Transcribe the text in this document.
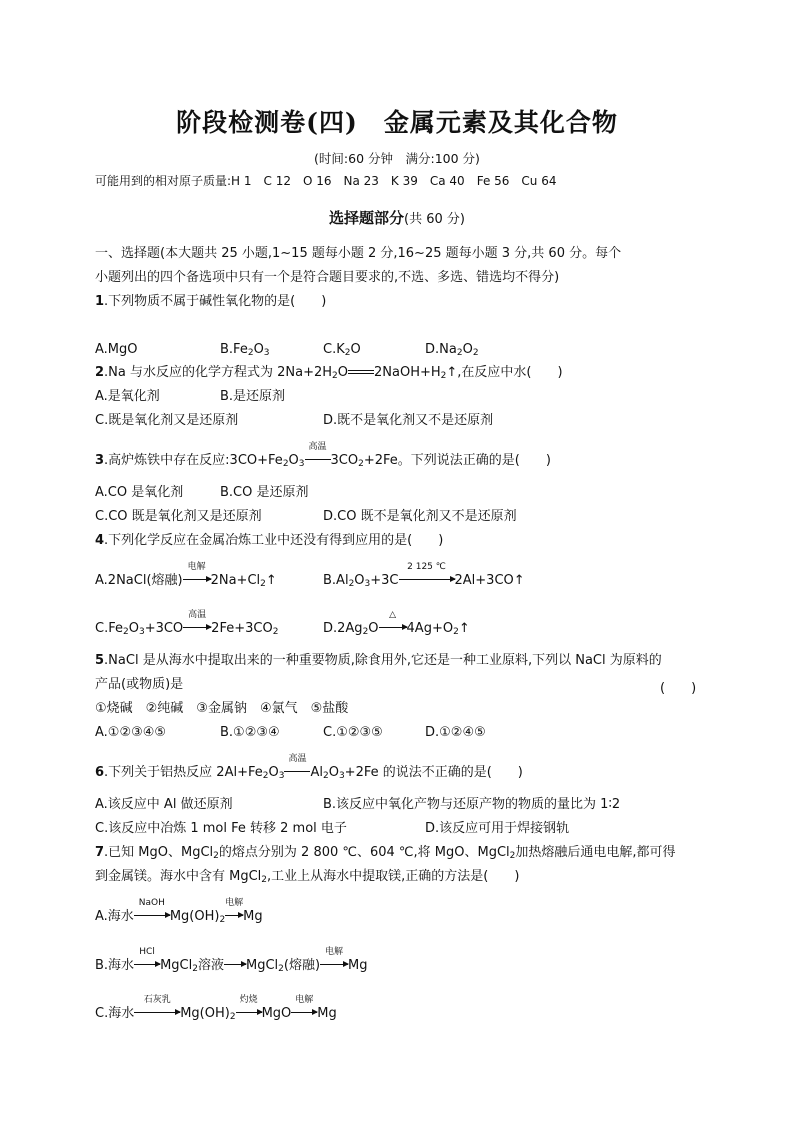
阶段检测卷(四)　金属元素及其化合物
(时间:60 分钟　满分:100 分)
可能用到的相对原子质量:H 1　C 12　O 16　Na 23　K 39　Ca 40　Fe 56　Cu 64
选择题部分(共 60 分)
一、选择题(本大题共 25 小题,1~15 题每小题 2 分,16~25 题每小题 3 分,共 60 分。每个
小题列出的四个备选项中只有一个是符合题目要求的,不选、多选、错选均不得分)
1.下列物质不属于碱性氧化物的是(　　)
A.MgO	$B.Fe_2O_3$	$C.K_2O$	$D.Na_2O_2$
2.Na 与水反应的化学方程式为 $2Na+2H_2O$ $2NaOH+H_2↑$,在反应中水(　　)
A.是氧化剂	B.是还原剂
C.既是氧化剂又是还原剂	D.既不是氧化剂又不是还原剂
3.高炉炼铁中存在反应$:3CO+Fe_2O_3$
高温
$3CO_2+2Fe$。下列说法正确的是(　　)
A.CO 是氧化剂	B.CO 是还原剂
C.CO 既是氧化剂又是还原剂	D.CO 既不是氧化剂又不是还原剂
4.下列化学反应在金属冶炼工业中还没有得到应用的是(　　)
A.2NaCl(熔融)
电解
$2Na+Cl_2↑$	$B.Al_2O_3+3C$
2 125 ℃
2Al+3CO↑
$C.Fe_2O_3+3CO$
高温
$2Fe+3CO_2$	$D.2Ag_2O$
△
$4Ag+O_2↑$
5.NaCl 是从海水中提取出来的一种重要物质,除食用外,它还是一种工业原料,下列以 NaCl 为原料的
产品(或物质)是	(　　)
①烧碱　②纯碱　③金属钠　④氯气　⑤盐酸
A.①②③④⑤	B.①②③④	C.①②③⑤	D.①②④⑤
6.下列关于铝热反应 $2Al+Fe_2O_3$
高温
$Al_2O_3+2Fe$ 的说法不正确的是(　　)
A.该反应中 Al 做还原剂	B.该反应中氧化产物与还原产物的物质的量比为 1∶2
C.该反应中冶炼 1 mol Fe 转移 2 mol 电子	D.该反应可用于焊接钢轨
7.已知 MgO、MgCl$_2$的熔点分别为 2 800 ℃、604 ℃,将 MgO、MgCl$_2$加热熔融后通电电解,都可得
到金属镁。海水中含有 MgCl$_2$,工业上从海水中提取镁,正确的方法是(　　)
A.海水
NaOH
$Mg(OH)_2$
电解
Mg
B.海水
HCl
MgCl$_2$溶液 MgCl$_2$(熔融)
电解
Mg
C.海水
石灰乳
$Mg(OH)_2$
灼烧
MgO
电解
Mg
